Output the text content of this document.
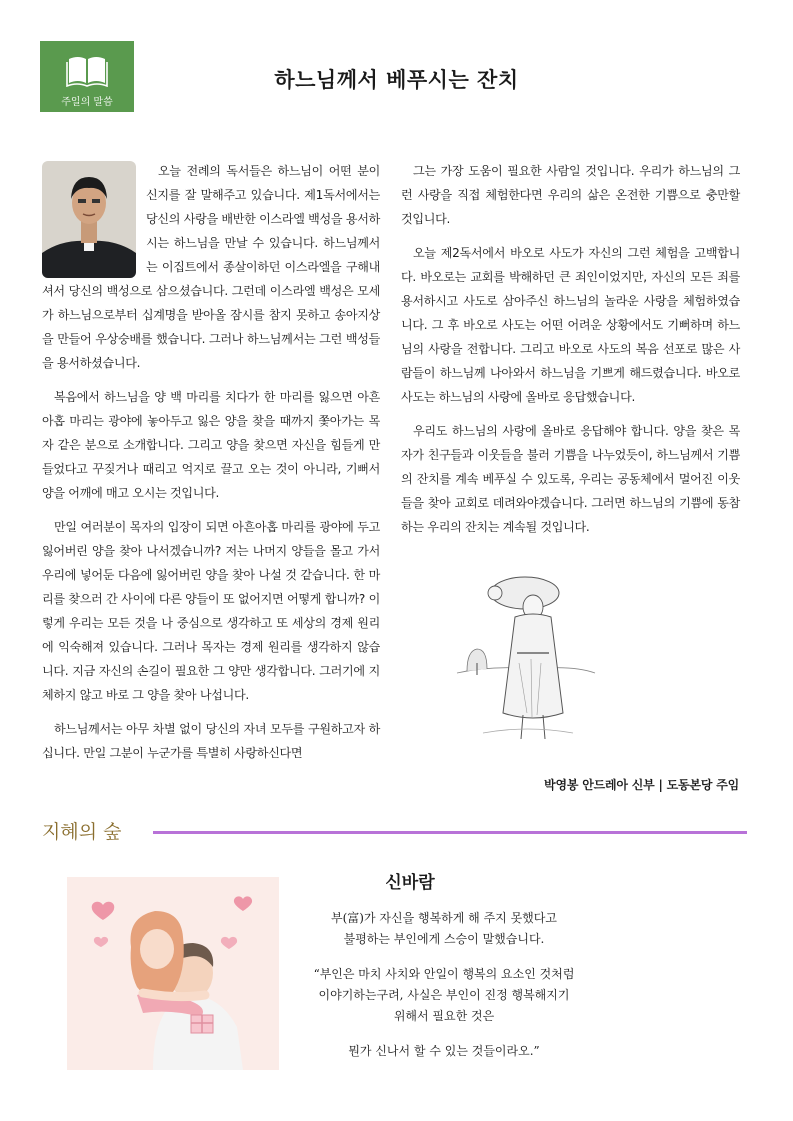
주일의 말씀
하느님께서 베푸시는 잔치

오늘 전례의 독서들은 하느님이 어떤 분이신지를 잘 말해주고 있습니다. 제1독서에서는 당신의 사랑을 배반한 이스라엘 백성을 용서하시는 하느님을 만날 수 있습니다. 하느님께서는 이집트에서 종살이하던 이스라엘을 구해내셔서 당신의 백성으로 삼으셨습니다. 그런데 이스라엘 백성은 모세가 하느님으로부터 십계명을 받아올 잠시를 참지 못하고 송아지상을 만들어 우상숭배를 했습니다. 그러나 하느님께서는 그런 백성들을 용서하셨습니다.

복음에서 하느님을 양 백 마리를 치다가 한 마리를 잃으면 아흔아홉 마리는 광야에 놓아두고 잃은 양을 찾을 때까지 쫓아가는 목자 같은 분으로 소개합니다. 그리고 양을 찾으면 자신을 힘들게 만들었다고 꾸짖거나 때리고 억지로 끌고 오는 것이 아니라, 기뻐서 양을 어깨에 매고 오시는 것입니다.

만일 여러분이 목자의 입장이 되면 아흔아홉 마리를 광야에 두고 잃어버린 양을 찾아 나서겠습니까? 저는 나머지 양들을 몰고 가서 우리에 넣어둔 다음에 잃어버린 양을 찾아 나설 것 같습니다. 한 마리를 찾으러 간 사이에 다른 양들이 또 없어지면 어떻게 합니까? 이렇게 우리는 모든 것을 나 중심으로 생각하고 또 세상의 경제 원리에 익숙해져 있습니다. 그러나 목자는 경제 원리를 생각하지 않습니다. 지금 자신의 손길이 필요한 그 양만 생각합니다. 그러기에 지체하지 않고 바로 그 양을 찾아 나섭니다.

하느님께서는 아무 차별 없이 당신의 자녀 모두를 구원하고자 하십니다. 만일 그분이 누군가를 특별히 사랑하신다면

그는 가장 도움이 필요한 사람일 것입니다. 우리가 하느님의 그런 사랑을 직접 체험한다면 우리의 삶은 온전한 기쁨으로 충만할 것입니다.

오늘 제2독서에서 바오로 사도가 자신의 그런 체험을 고백합니다. 바오로는 교회를 박해하던 큰 죄인이었지만, 자신의 모든 죄를 용서하시고 사도로 삼아주신 하느님의 놀라운 사랑을 체험하였습니다. 그 후 바오로 사도는 어떤 어려운 상황에서도 기뻐하며 하느님의 사랑을 전합니다. 그리고 바오로 사도의 복음 선포로 많은 사람들이 하느님께 나아와서 하느님을 기쁘게 해드렸습니다. 바오로 사도는 하느님의 사랑에 올바로 응답했습니다.

우리도 하느님의 사랑에 올바로 응답해야 합니다. 양을 찾은 목자가 친구들과 이웃들을 불러 기쁨을 나누었듯이, 하느님께서 기쁨의 잔치를 계속 베푸실 수 있도록, 우리는 공동체에서 멀어진 이웃들을 찾아 교회로 데려와야겠습니다. 그러면 하느님의 기쁨에 동참하는 우리의 잔치는 계속될 것입니다.

박영봉 안드레아 신부 | 도동본당 주임
지혜의 숲
신바람
부(富)가 자신을 행복하게 해 주지 못했다고
불평하는 부인에게 스승이 말했습니다.
“부인은 마치 사치와 안일이 행복의 요소인 것처럼
이야기하는구려, 사실은 부인이 진정 행복해지기
위해서 필요한 것은
뭔가 신나서 할 수 있는 것들이라오.”
